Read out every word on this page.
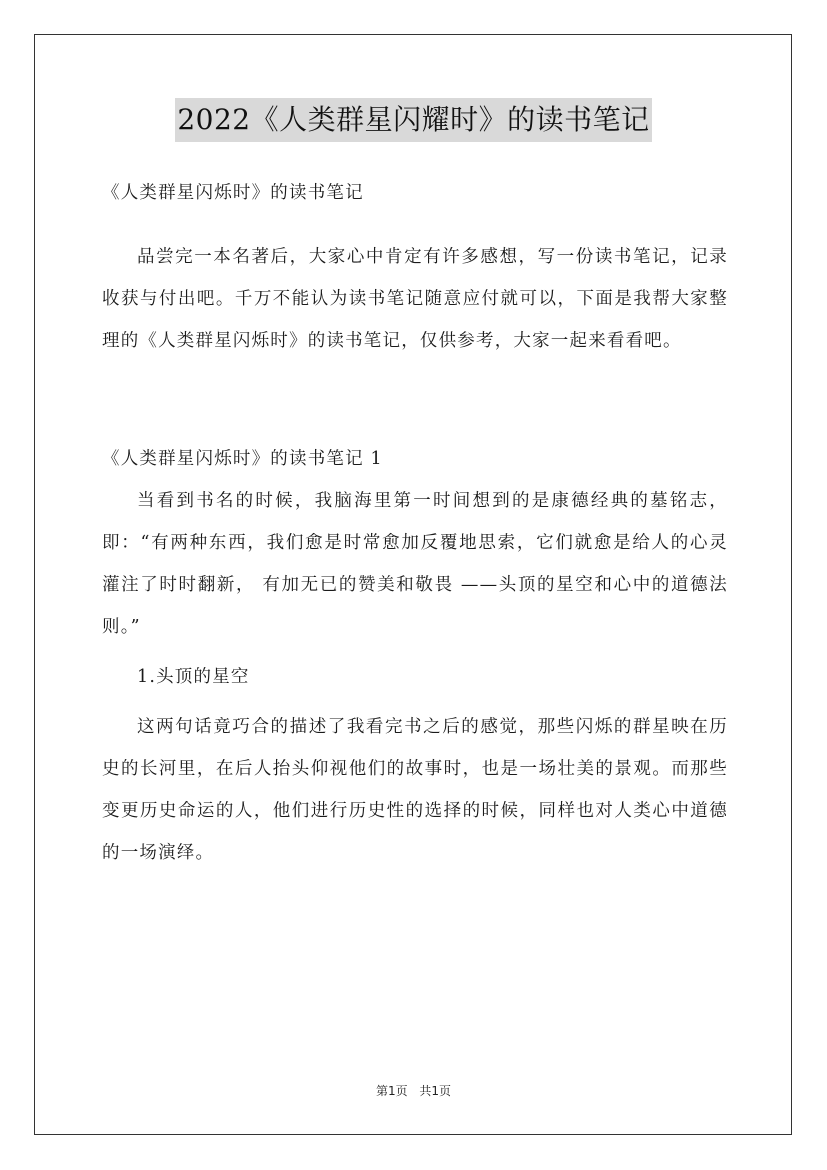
2022《人类群星闪耀时》的读书笔记

《人类群星闪烁时》的读书笔记

品尝完一本名著后，大家心中肯定有许多感想，写一份读书笔记，记录收获与付出吧。千万不能认为读书笔记随意应付就可以，下面是我帮大家整理的《人类群星闪烁时》的读书笔记，仅供参考，大家一起来看看吧。

《人类群星闪烁时》的读书笔记 1

当看到书名的时候，我脑海里第一时间想到的是康德经典的墓铭志，即：“有两种东西，我们愈是时常愈加反覆地思索，它们就愈是给人的心灵灌注了时时翻新， 有加无已的赞美和敬畏 ——头顶的星空和心中的道德法则。”

1.头顶的星空

这两句话竟巧合的描述了我看完书之后的感觉，那些闪烁的群星映在历史的长河里，在后人抬头仰视他们的故事时，也是一场壮美的景观。而那些变更历史命运的人，他们进行历史性的选择的时候，同样也对人类心中道德的一场演绎。

第1页 共1页
